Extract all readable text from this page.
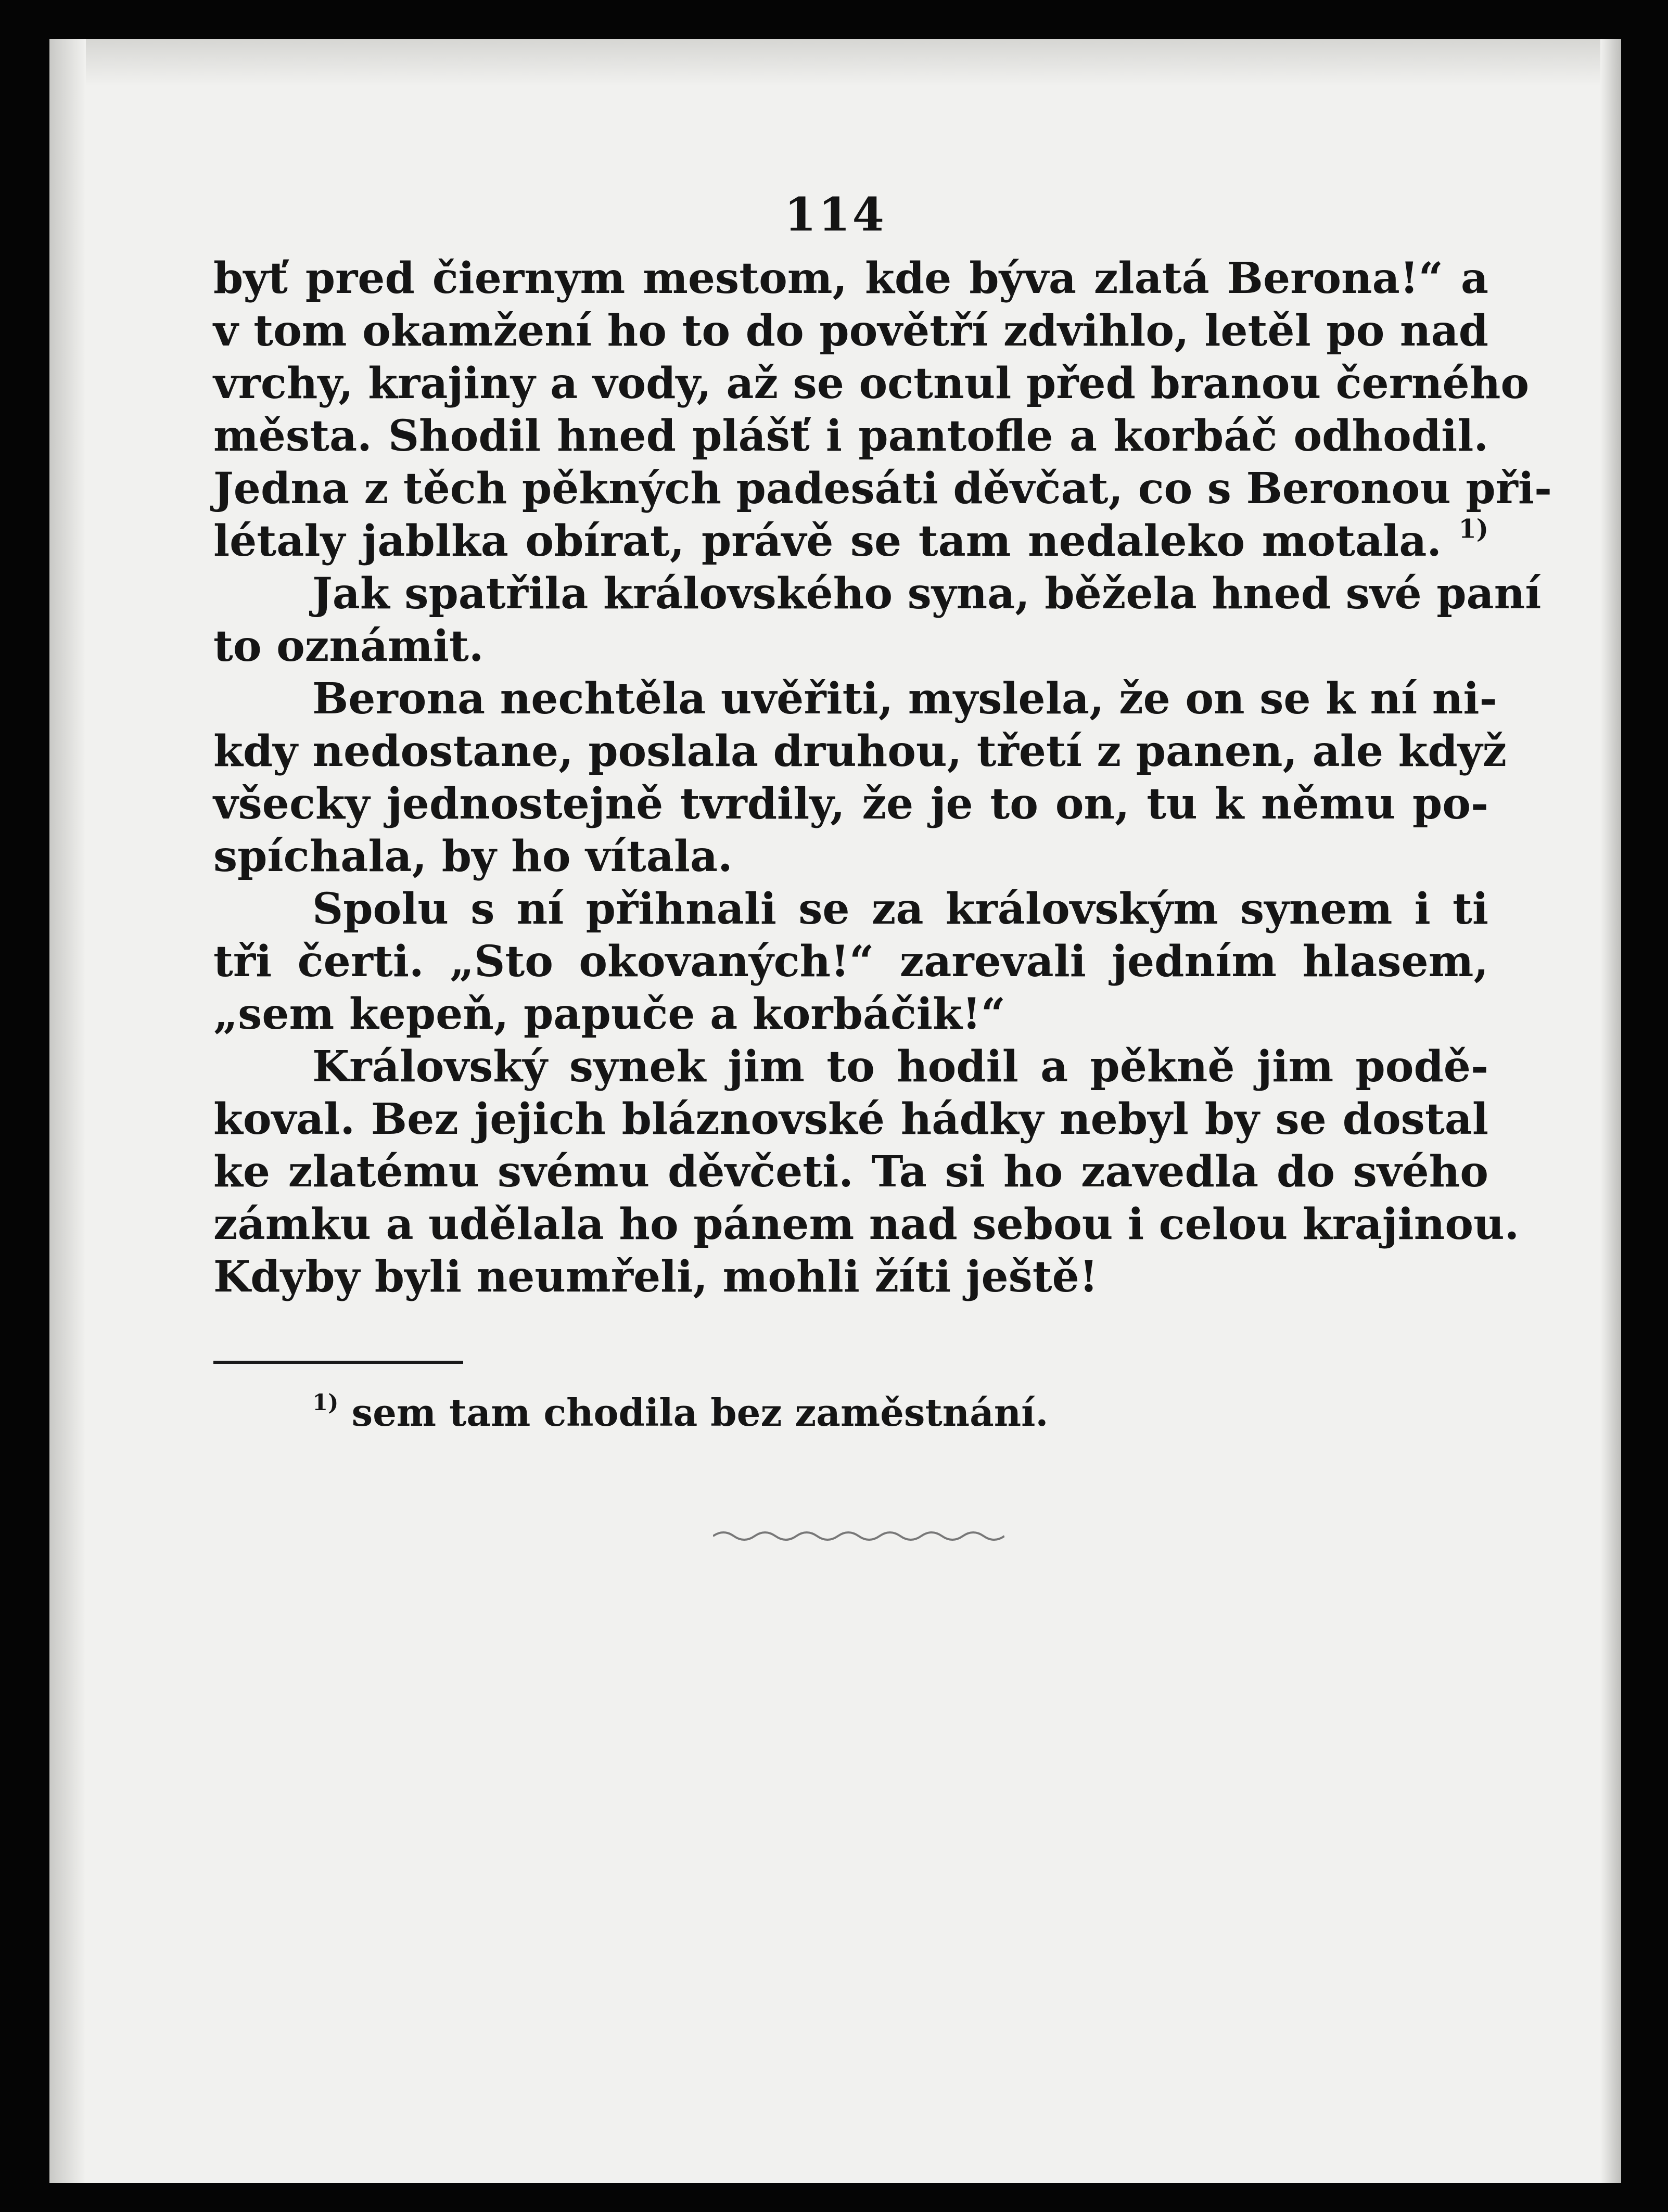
114
byť pred čiernym mestom, kde býva zlatá Berona!“ a
v tom okamžení ho to do povětří zdvihlo, letěl po nad
vrchy, krajiny a vody, až se octnul před branou černého
města. Shodil hned plášť i pantofle a korbáč odhodil.
Jedna z těch pěkných padesáti děvčat, co s Beronou při-
létaly jablka obírat, právě se tam nedaleko motala. $^{1)}$
Jak spatřila královského syna, běžela hned své paní
to oznámit.
Berona nechtěla uvěřiti, myslela, že on se k ní ni-
kdy nedostane, poslala druhou, třetí z panen, ale když
všecky jednostejně tvrdily, že je to on, tu k němu po-
spíchala, by ho vítala.
Spolu s ní přihnali se za královským synem i ti
tři čerti. „Sto okovaných!“ zarevali jedním hlasem,
„sem kepeň, papuče a korbáčik!“
Královský synek jim to hodil a pěkně jim podě-
koval. Bez jejich bláznovské hádky nebyl by se dostal
ke zlatému svému děvčeti. Ta si ho zavedla do svého
zámku a udělala ho pánem nad sebou i celou krajinou.
Kdyby byli neumřeli, mohli žíti ještě!
$^{1)}$ sem tam chodila bez zaměstnání.
